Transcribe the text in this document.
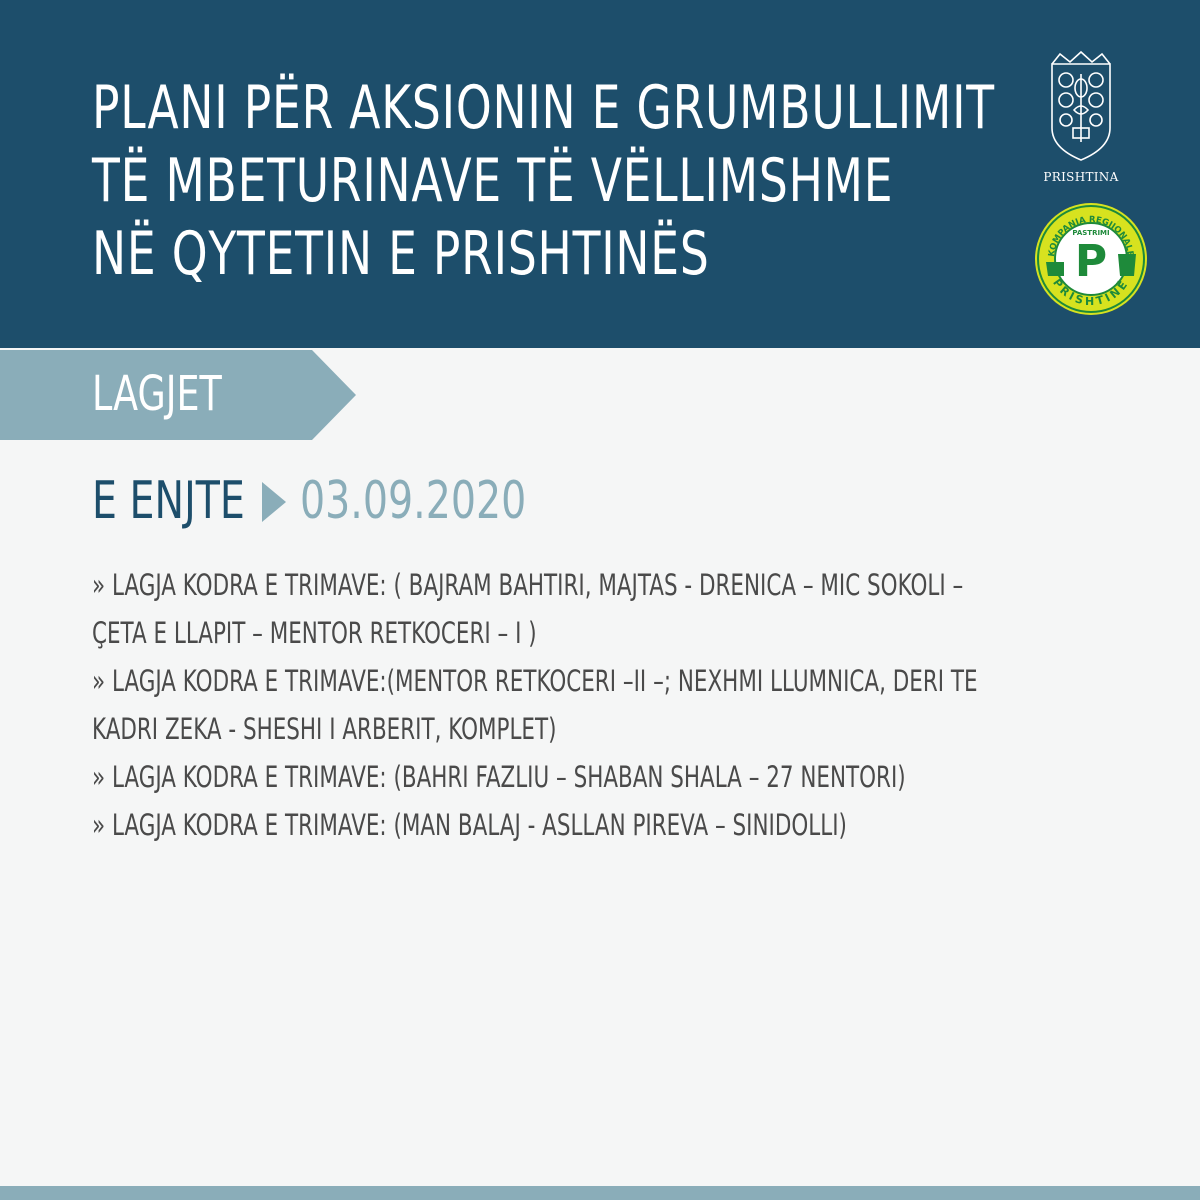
PLANI PËR AKSIONIN E GRUMBULLIMIT
TË MBETURINAVE TË VËLLIMSHME
NË QYTETIN E PRISHTINËS
PRISHTINA
KOMPANIA REGJIONALE
PASTRIMI
P
PRISHTINË
LAGJET
E ENJTE 03.09.2020
» LAGJA KODRA E TRIMAVE: ( BAJRAM BAHTIRI, MAJTAS - DRENICA – MIC SOKOLI –
ÇETA E LLAPIT – MENTOR RETKOCERI – I )
» LAGJA KODRA E TRIMAVE:(MENTOR RETKOCERI –II –; NEXHMI LLUMNICA, DERI TE
KADRI ZEKA - SHESHI I ARBERIT, KOMPLET)
» LAGJA KODRA E TRIMAVE: (BAHRI FAZLIU – SHABAN SHALA – 27 NENTORI)
» LAGJA KODRA E TRIMAVE: (MAN BALAJ - ASLLAN PIREVA – SINIDOLLI)
